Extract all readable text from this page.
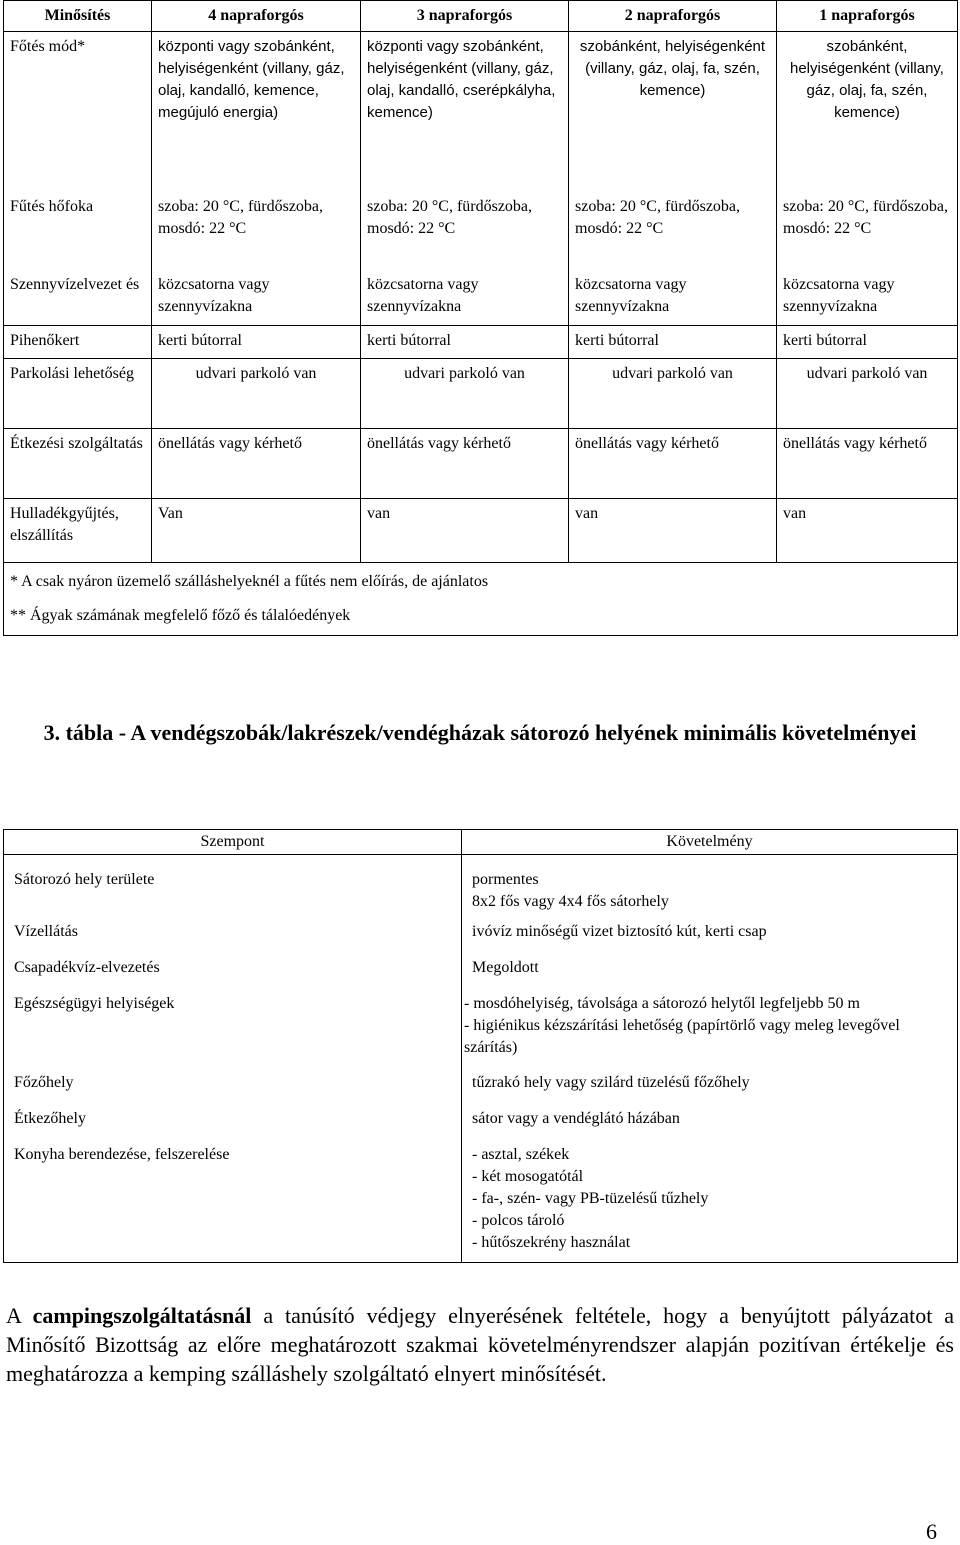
Minősítés	4 napraforgós	3 napraforgós	2 napraforgós	1 napraforgós
Főtés mód*	központi vagy szobánként, helyiségenként (villany, gáz, olaj, kandalló, kemence, megújuló energia)	központi vagy szobánként, helyiségenként (villany, gáz, olaj, kandalló, cserépkályha, kemence)	szobánként, helyiségenként (villany, gáz, olaj, fa, szén, kemence)	szobánként, helyiségenként (villany, gáz, olaj, fa, szén, kemence)
Fűtés hőfoka	szoba: 20 °C, fürdőszoba, mosdó: 22 °C	szoba: 20 °C, fürdőszoba, mosdó: 22 °C	szoba: 20 °C, fürdőszoba, mosdó: 22 °C	szoba: 20 °C, fürdőszoba, mosdó: 22 °C
Szennyvízelvezet és	közcsatorna vagy szennyvízakna	közcsatorna vagy szennyvízakna	közcsatorna vagy szennyvízakna	közcsatorna vagy szennyvízakna
Pihenőkert	kerti bútorral	kerti bútorral	kerti bútorral	kerti bútorral
Parkolási lehetőség	udvari parkoló van	udvari parkoló van	udvari parkoló van	udvari parkoló van
Étkezési szolgáltatás	önellátás vagy kérhető	önellátás vagy kérhető	önellátás vagy kérhető	önellátás vagy kérhető
Hulladékgyűjtés, elszállítás	Van	van	van	van

* A csak nyáron üzemelő szálláshelyeknél a fűtés nem előírás, de ajánlatos

** Ágyak számának megfelelő főző és tálalóedények				

3. tábla - A vendégszobák/lakrészek/vendégházak sátorozó helyének minimális követelményei
Szempont	Követelmény
Sátorozó hely területe	pormentes
8x2 fős vagy 4x4 fős sátorhely
Vízellátás	ivóvíz minőségű vizet biztosító kút, kerti csap
Csapadékvíz-elvezetés	Megoldott
Egészségügyi helyiségek	- mosdóhelyiség, távolsága a sátorozó helytől legfeljebb 50 m
- higiénikus kézszárítási lehetőség (papírtörlő vagy meleg levegővel szárítás)
Főzőhely	tűzrakó hely vagy szilárd tüzelésű főzőhely
Étkezőhely	sátor vagy a vendéglátó házában
Konyha berendezése, felszerelése	- asztal, székek
- két mosogatótál
- fa-, szén- vagy PB-tüzelésű tűzhely
- polcos tároló
- hűtőszekrény használat

A campingszolgáltatásnál a tanúsító védjegy elnyerésének feltétele, hogy a benyújtott pályázatot a Minősítő Bizottság az előre meghatározott szakmai követelményrendszer alapján pozitívan értékelje és meghatározza a kemping szálláshely szolgáltató elnyert minősítését.

6
